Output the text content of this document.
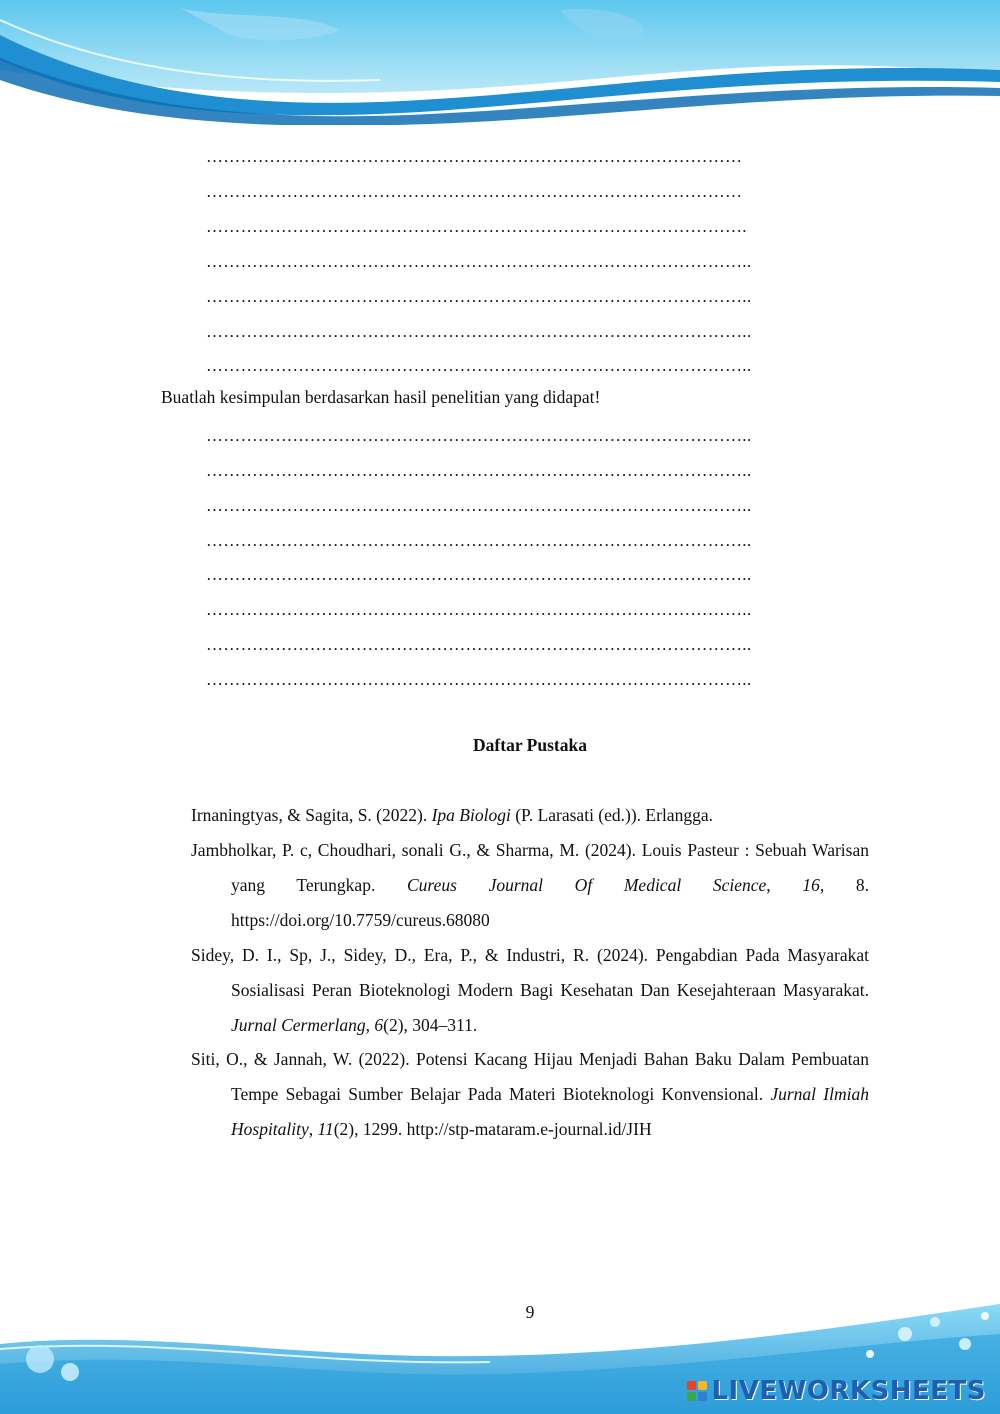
…………………………………………………………………………………
…………………………………………………………………………………
………………………………………………………………………………….
…………………………………………………………………………………..
…………………………………………………………………………………..
…………………………………………………………………………………..
…………………………………………………………………………………..
Buatlah kesimpulan berdasarkan hasil penelitian yang didapat!
…………………………………………………………………………………..
…………………………………………………………………………………..
…………………………………………………………………………………..
…………………………………………………………………………………..
…………………………………………………………………………………..
…………………………………………………………………………………..
…………………………………………………………………………………..
…………………………………………………………………………………..
Daftar Pustaka
Irnaningtyas, & Sagita, S. (2022). Ipa Biologi (P. Larasati (ed.)). Erlangga.
Jambholkar, P. c, Choudhari, sonali G., & Sharma, M. (2024). Louis Pasteur : Sebuah Warisan yang Terungkap. Cureus Journal Of Medical Science, 16, 8. https://doi.org/10.7759/cureus.68080
Sidey, D. I., Sp, J., Sidey, D., Era, P., & Industri, R. (2024). Pengabdian Pada Masyarakat Sosialisasi Peran Bioteknologi Modern Bagi Kesehatan Dan Kesejahteraan Masyarakat. Jurnal Cermerlang, 6(2), 304–311.
Siti, O., & Jannah, W. (2022). Potensi Kacang Hijau Menjadi Bahan Baku Dalam Pembuatan Tempe Sebagai Sumber Belajar Pada Materi Bioteknologi Konvensional. Jurnal Ilmiah Hospitality, 11(2), 1299. http://stp-mataram.e-journal.id/JIH
9
LIVEWORKSHEETS
